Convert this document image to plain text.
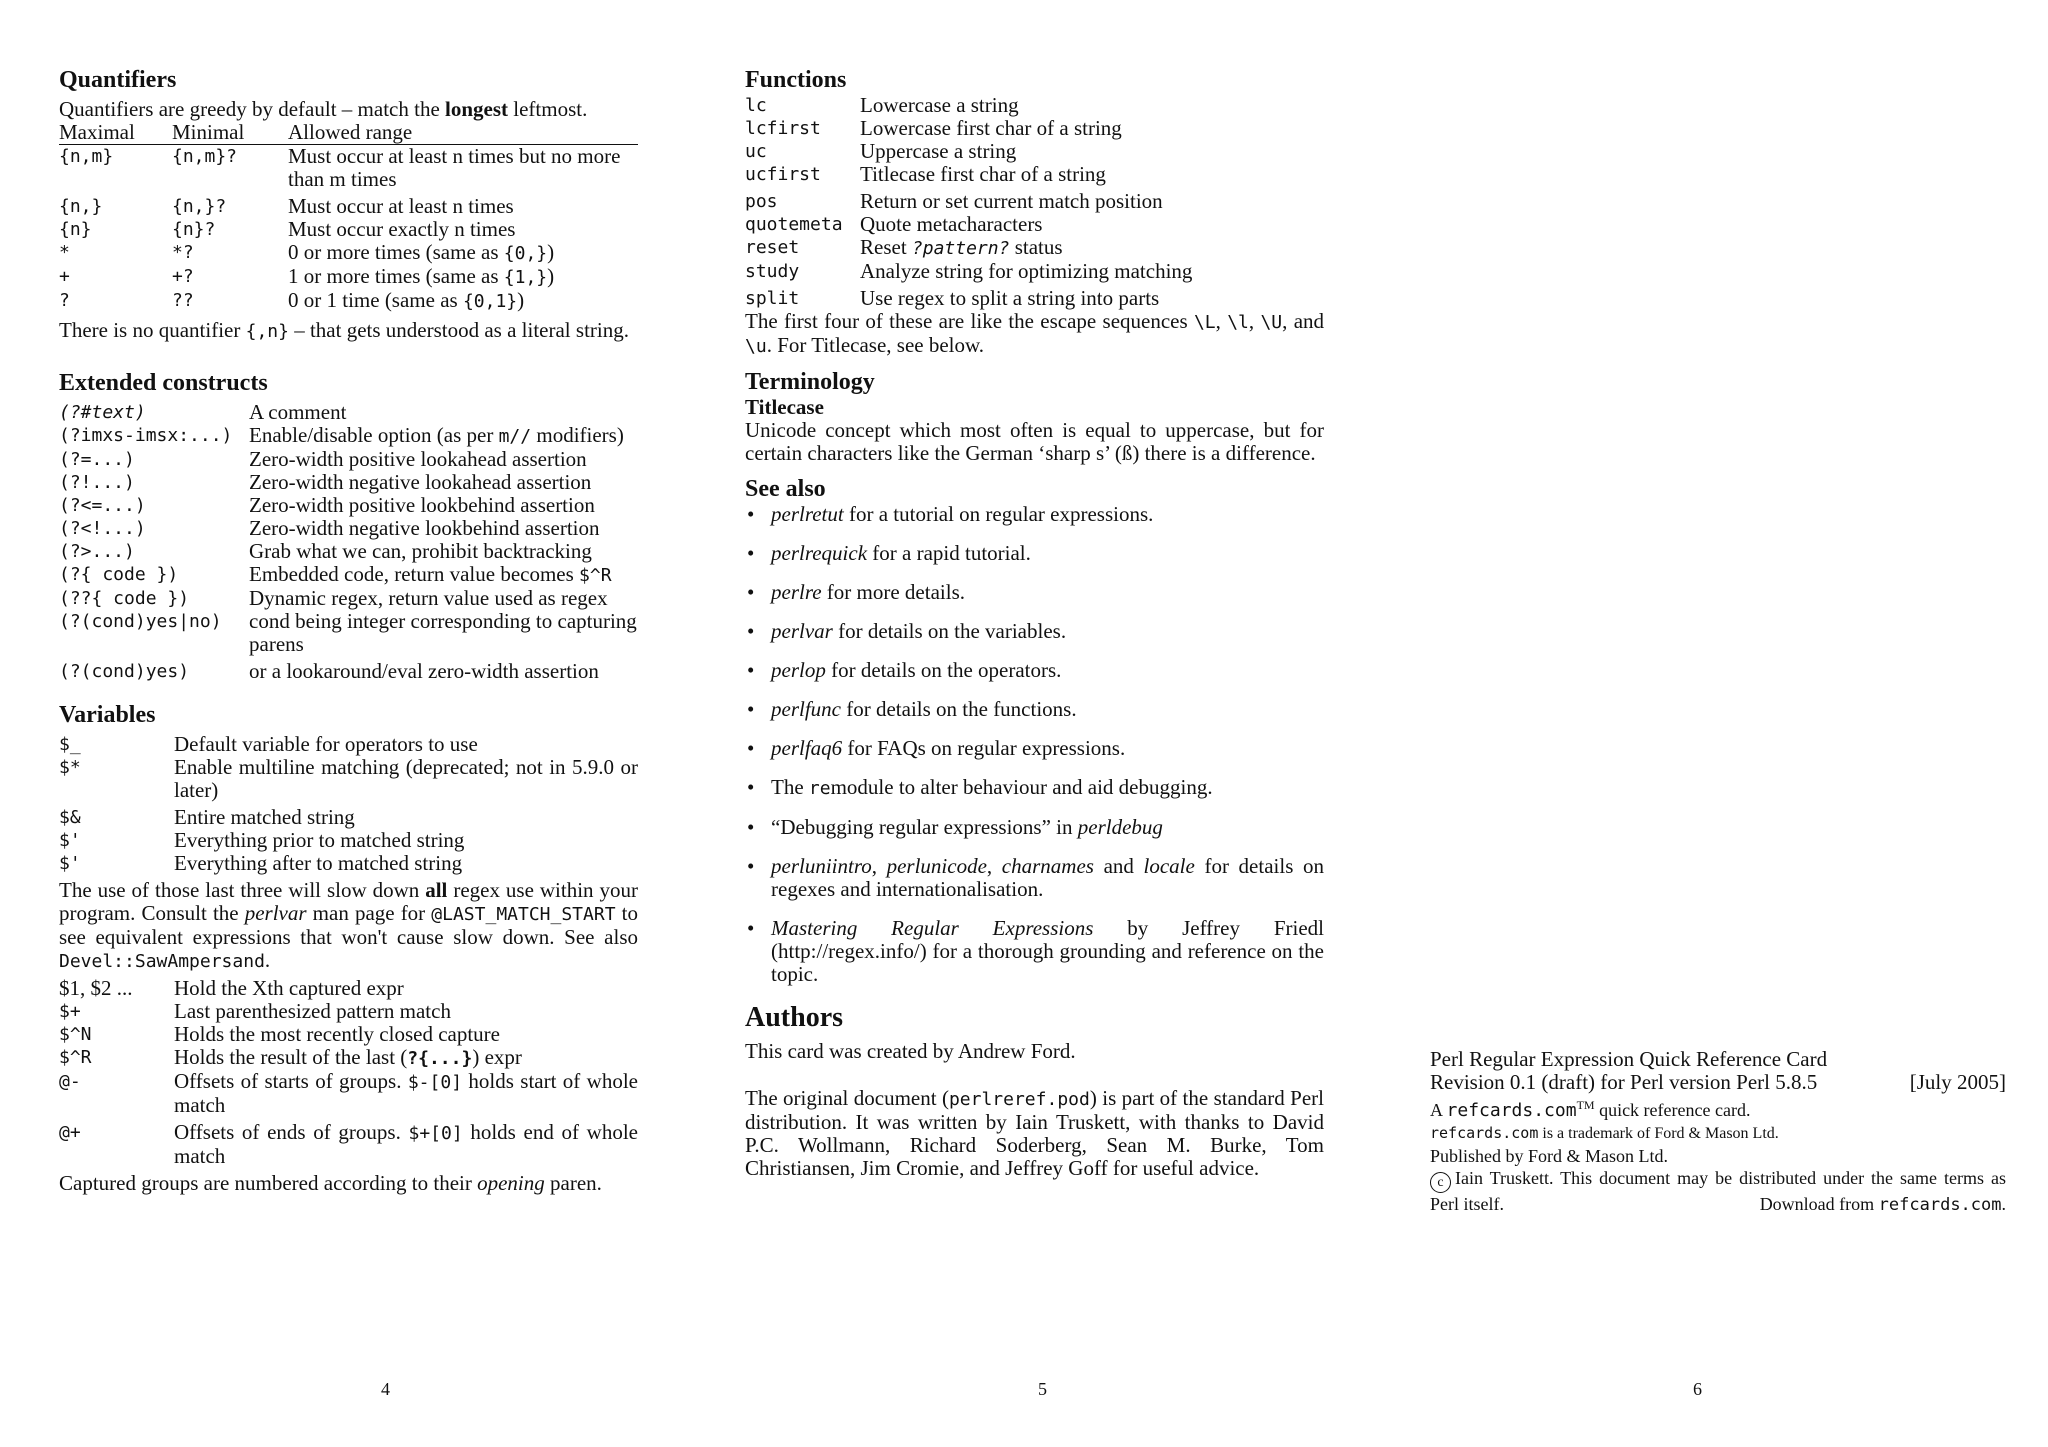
Quantifiers

Quantifiers are greedy by default – match the longest leftmost.

Maximal	Minimal	Allowed range
{n,m}	{n,m}?	Must occur at least n times but no more than m times
{n,}	{n,}?	Must occur at least n times
{n}	{n}?	Must occur exactly n times
*	*?	0 or more times (same as {0,})
+	+?	1 or more times (same as {1,})
?	??	0 or 1 time (same as {0,1})

There is no quantifier {,n} – that gets understood as a literal string.

Extended constructs
(?#text)	A comment
(?imxs-imsx:...)	Enable/disable option (as per m// modifiers)
(?=...)	Zero-width positive lookahead assertion
(?!...)	Zero-width negative lookahead assertion
(?<=...)	Zero-width positive lookbehind assertion
(?<!...)	Zero-width negative lookbehind assertion
(?>...)	Grab what we can, prohibit backtracking
(?{ code })	Embedded code, return value becomes $^R
(??{ code })	Dynamic regex, return value used as regex
(?(cond)yes|no)	cond being integer corresponding to capturing parens
(?(cond)yes)	or a lookaround/eval zero-width assertion
Variables
$_	Default variable for operators to use
$*	Enable multiline matching (deprecated; not in 5.9.0 or later)
$&	Entire matched string
$'	Everything prior to matched string
$'	Everything after to matched string

The use of those last three will slow down all regex use within your program. Consult the perlvar man page for @LAST_MATCH_START to see equivalent expressions that won't cause slow down. See also Devel::SawAmpersand.

$1, $2 ...	Hold the Xth captured expr
$+	Last parenthesized pattern match
$^N	Holds the most recently closed capture
$^R	Holds the result of the last (?{...}) expr
@-	Offsets of starts of groups. $-[0] holds start of whole match
@+	Offsets of ends of groups. $+[0] holds end of whole match

Captured groups are numbered according to their opening paren.

Functions
lc	Lowercase a string
lcfirst	Lowercase first char of a string
uc	Uppercase a string
ucfirst	Titlecase first char of a string
pos	Return or set current match position
quotemeta	Quote metacharacters
reset	Reset ?pattern? status
study	Analyze string for optimizing matching
split	Use regex to split a string into parts

The first four of these are like the escape sequences \L, \l, \U, and \u. For Titlecase, see below.

Terminology
Titlecase

Unicode concept which most often is equal to uppercase, but for certain characters like the German ‘sharp s’ (ß) there is a difference.

See also
• perlretut for a tutorial on regular expressions.
• perlrequick for a rapid tutorial.
• perlre for more details.
• perlvar for details on the variables.
• perlop for details on the operators.
• perlfunc for details on the functions.
• perlfaq6 for FAQs on regular expressions.
• The remodule to alter behaviour and aid debugging.
• “Debugging regular expressions” in perldebug
• perluniintro, perlunicode, charnames and locale for details on regexes and internationalisation.
• Mastering Regular Expressions by Jeffrey Friedl (http://regex.info/) for a thorough grounding and reference on the topic.
Authors

This card was created by Andrew Ford.

The original document (perlreref.pod) is part of the standard Perl distribution. It was written by Iain Truskett, with thanks to David P.C. Wollmann, Richard Soderberg, Sean M. Burke, Tom Christiansen, Jim Cromie, and Jeffrey Goff for useful advice.

Perl Regular Expression Quick Reference Card

Revision 0.1 (draft) for Perl version Perl 5.8.5	[July 2005]

A refcards.com™ quick reference card.

refcards.com is a trademark of Ford & Mason Ltd.

Published by Ford & Mason Ltd.

c Iain Truskett. This document may be distributed under the same terms as Perl itself.	Download from refcards.com.

4	5	6
